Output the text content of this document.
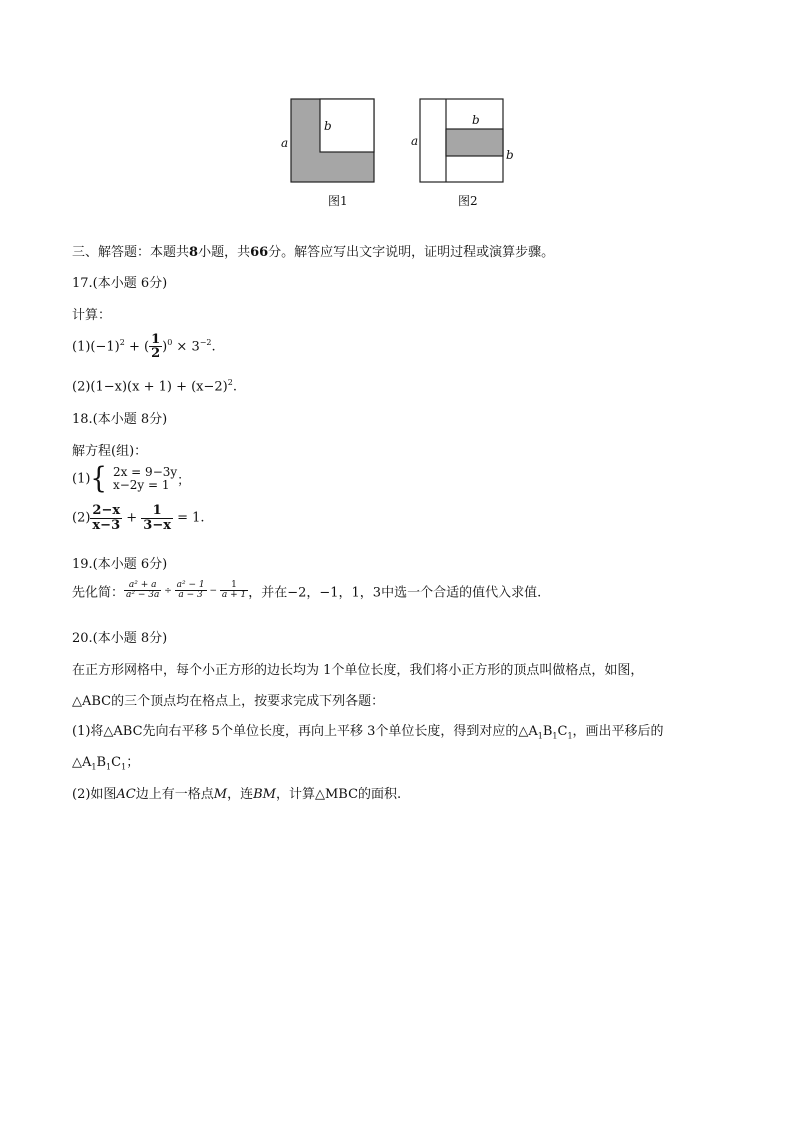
a
b
图1
a
b
b
图2
三、解答题：本题共8小题，共66分。解答应写出文字说明，证明过程或演算步骤。
17.(本小题 6分)
计算：
$(1)(-1)^2$ + ( $\frac{1}{2} )^0 \times 3^{-2}$.
$(2)(1-x)(x + 1) + (x-2)^2$.
18.(本小题 8分)
解方程(组)：
(1){ 2x = 9−3y
x−2y = 1 ；
$(2) \frac{2-x}{x-3} + \frac{1}{3-x} = 1$.
19.(本小题 6分)
先化简： $\frac{\text{a² + a}}{\text{a² − 3a}} \div \frac{\text{a² − 1}}{a - 3} - \frac{1}{a + 1}$ ，并在−2，−1，1，3中选一个合适的值代入求值.
20.(本小题 8分)
在正方形网格中，每个小正方形的边长均为 1个单位长度，我们将小正方形的顶点叫做格点，如图，
△ABC的三个顶点均在格点上，按要求完成下列各题：
(1)将△ABC先向右平移 5个单位长度，再向上平移 3个单位长度，得到对应的$\triangle A_1B_1C_1$，画出平移后的
$\triangle A_1B_1C_1$；
(2)如图AC边上有一格点M，连BM，计算△MBC的面积.
